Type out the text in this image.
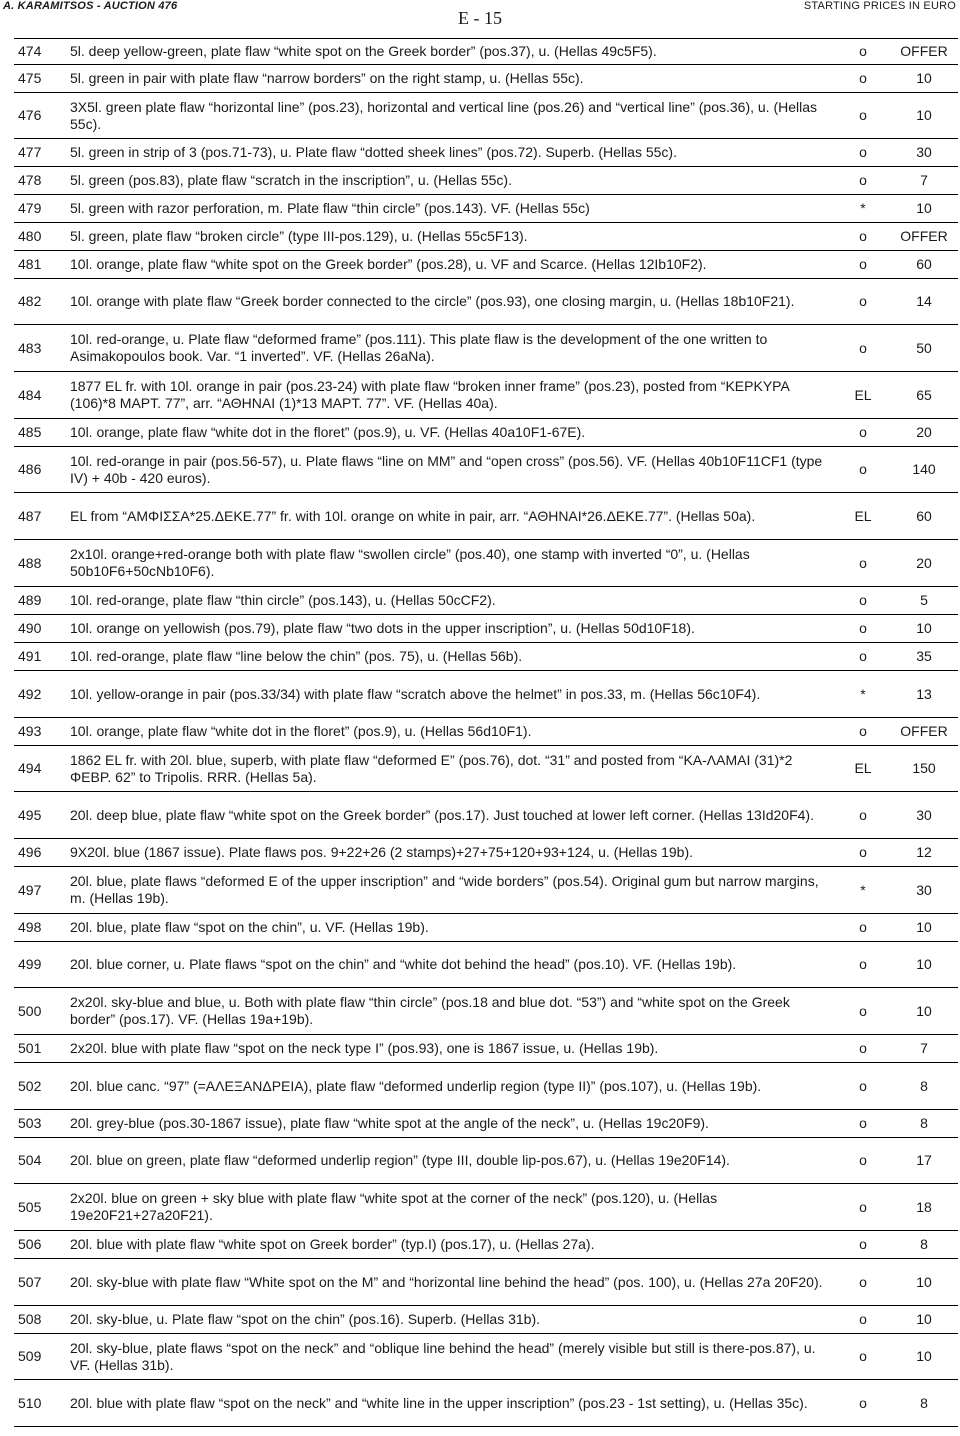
A. KARAMITSOS - AUCTION 476
E - 15
STARTING PRICES IN EURO
474	5l. deep yellow-green, plate flaw “white spot on the Greek border” (pos.37), u. (Hellas 49c5F5).	o	OFFER
475	5l. green in pair with plate flaw “narrow borders” on the right stamp, u. (Hellas 55c).	o	10
476	3X5l. green plate flaw “horizontal line” (pos.23), horizontal and vertical line (pos.26) and “vertical line” (pos.36), u. (Hellas 55c).	o	10
477	5l. green in strip of 3 (pos.71-73), u. Plate flaw “dotted sheek lines” (pos.72). Superb. (Hellas 55c).	o	30
478	5l. green (pos.83), plate flaw “scratch in the inscription”, u. (Hellas 55c).	o	7
479	5l. green with razor perforation, m. Plate flaw “thin circle” (pos.143). VF. (Hellas 55c)	*	10
480	5l. green, plate flaw “broken circle” (type III-pos.129), u. (Hellas 55c5F13).	o	OFFER
481	10l. orange, plate flaw “white spot on the Greek border” (pos.28), u. VF and Scarce. (Hellas 12Ib10F2).	o	60
482	10l. orange with plate flaw “Greek border connected to the circle” (pos.93), one closing margin, u. (Hellas 18b10F21).	o	14
483	10l. red-orange, u. Plate flaw “deformed frame” (pos.111). This plate flaw is the development of the one written to Asimakopoulos book. Var. “1 inverted”. VF. (Hellas 26aNa).	o	50
484	1877 EL fr. with 10l. orange in pair (pos.23-24) with plate flaw “broken inner frame” (pos.23), posted from “ΚΕΡΚΥΡΑ (106)*8 ΜΑΡΤ. 77”, arr. “ΑΘΗΝΑΙ (1)*13 ΜΑΡΤ. 77”. VF. (Hellas 40a).	EL	65
485	10l. orange, plate flaw “white dot in the floret” (pos.9), u. VF. (Hellas 40a10F1-67E).	o	20
486	10l. red-orange in pair (pos.56-57), u. Plate flaws “line on MM” and “open cross” (pos.56). VF. (Hellas 40b10F11CF1 (type IV) + 40b - 420 euros).	o	140
487	EL from “ΑΜΦΙΣΣΑ*25.ΔΕΚΕ.77” fr. with 10l. orange on white in pair, arr. “ΑΘΗΝΑΙ*26.ΔΕΚΕ.77”. (Hellas 50a).	EL	60
488	2x10l. orange+red-orange both with plate flaw “swollen circle” (pos.40), one stamp with inverted “0”, u. (Hellas 50b10F6+50cNb10F6).	o	20
489	10l. red-orange, plate flaw “thin circle” (pos.143), u. (Hellas 50cCF2).	o	5
490	10l. orange on yellowish (pos.79), plate flaw “two dots in the upper inscription”, u. (Hellas 50d10F18).	o	10
491	10l. red-orange, plate flaw “line below the chin” (pos. 75), u. (Hellas 56b).	o	35
492	10l. yellow-orange in pair (pos.33/34) with plate flaw “scratch above the helmet” in pos.33, m. (Hellas 56c10F4).	*	13
493	10l. orange, plate flaw “white dot in the floret” (pos.9), u. (Hellas 56d10F1).	o	OFFER
494	1862 EL fr. with 20l. blue, superb, with plate flaw “deformed E” (pos.76), dot. “31” and posted from “ΚΑ-ΛΑΜΑΙ (31)*2 ΦΕΒΡ. 62” to Tripolis. RRR. (Hellas 5a).	EL	150
495	20l. deep blue, plate flaw “white spot on the Greek border” (pos.17). Just touched at lower left corner. (Hellas 13Id20F4).	o	30
496	9X20l. blue (1867 issue). Plate flaws pos. 9+22+26 (2 stamps)+27+75+120+93+124, u. (Hellas 19b).	o	12
497	20l. blue, plate flaws “deformed E of the upper inscription” and “wide borders” (pos.54). Original gum but narrow margins, m. (Hellas 19b).	*	30
498	20l. blue, plate flaw “spot on the chin”, u. VF. (Hellas 19b).	o	10
499	20l. blue corner, u. Plate flaws “spot on the chin” and “white dot behind the head” (pos.10). VF. (Hellas 19b).	o	10
500	2x20l. sky-blue and blue, u. Both with plate flaw “thin circle” (pos.18 and blue dot. “53”) and “white spot on the Greek border” (pos.17). VF. (Hellas 19a+19b).	o	10
501	2x20l. blue with plate flaw “spot on the neck type I” (pos.93), one is 1867 issue, u. (Hellas 19b).	o	7
502	20l. blue canc. “97” (=ΑΛΕΞΑΝΔΡΕΙΑ), plate flaw “deformed underlip region (type II)” (pos.107), u. (Hellas 19b).	o	8
503	20l. grey-blue (pos.30-1867 issue), plate flaw “white spot at the angle of the neck”, u. (Hellas 19c20F9).	o	8
504	20l. blue on green, plate flaw “deformed underlip region” (type III, double lip-pos.67), u. (Hellas 19e20F14).	o	17
505	2x20l. blue on green + sky blue with plate flaw “white spot at the corner of the neck” (pos.120), u. (Hellas 19e20F21+27a20F21).	o	18
506	20l. blue with plate flaw “white spot on Greek border” (typ.I) (pos.17), u. (Hellas 27a).	o	8
507	20l. sky-blue with plate flaw “White spot on the M” and “horizontal line behind the head” (pos. 100), u. (Hellas 27a 20F20).	o	10
508	20l. sky-blue, u. Plate flaw “spot on the chin” (pos.16). Superb. (Hellas 31b).	o	10
509	20l. sky-blue, plate flaws “spot on the neck” and “oblique line behind the head” (merely visible but still is there-pos.87), u. VF. (Hellas 31b).	o	10
510	20l. blue with plate flaw “spot on the neck” and “white line in the upper inscription” (pos.23 - 1st setting), u. (Hellas 35c).	o	8
